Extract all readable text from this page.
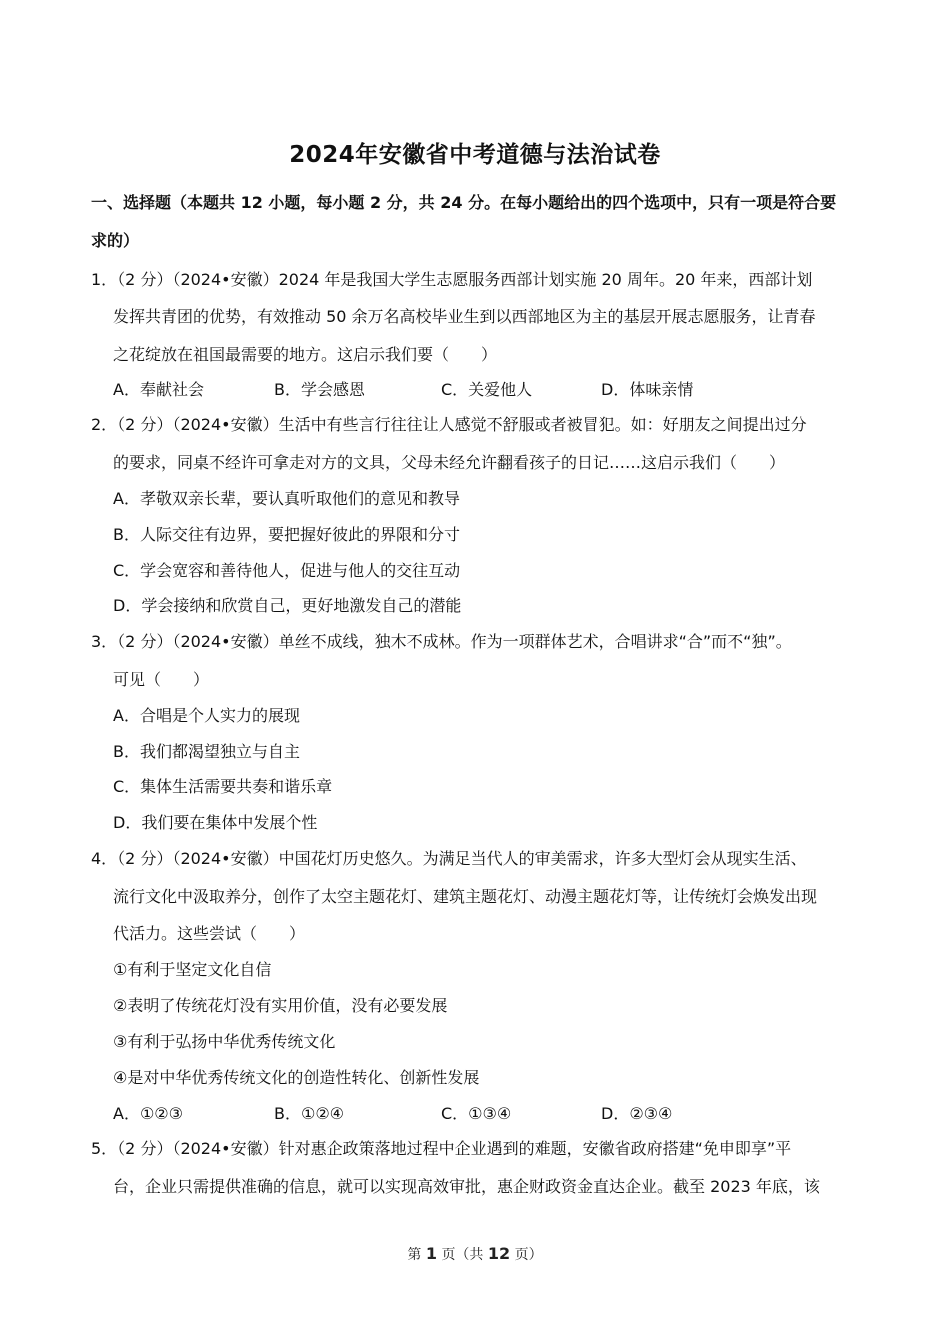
2024年安徽省中考道德与法治试卷
一、选择题（本题共 12 小题，每小题 2 分，共 24 分。在每小题给出的四个选项中，只有一项是符合要
求的）
1．（2 分）（2024•安徽）2024 年是我国大学生志愿服务西部计划实施 20 周年。20 年来，西部计划
发挥共青团的优势，有效推动 50 余万名高校毕业生到以西部地区为主的基层开展志愿服务，让青春
之花绽放在祖国最需要的地方。这启示我们要（　　）
A．奉献社会	B．学会感恩	C．关爱他人	D．体味亲情
2．（2 分）（2024•安徽）生活中有些言行往往让人感觉不舒服或者被冒犯。如：好朋友之间提出过分
的要求，同桌不经许可拿走对方的文具，父母未经允许翻看孩子的日记……这启示我们（　　）
A．孝敬双亲长辈，要认真听取他们的意见和教导
B．人际交往有边界，要把握好彼此的界限和分寸
C．学会宽容和善待他人，促进与他人的交往互动
D．学会接纳和欣赏自己，更好地激发自己的潜能
3．（2 分）（2024•安徽）单丝不成线，独木不成林。作为一项群体艺术，合唱讲求“合”而不“独”。
可见（　　）
A．合唱是个人实力的展现
B．我们都渴望独立与自主
C．集体生活需要共奏和谐乐章
D．我们要在集体中发展个性
4．（2 分）（2024•安徽）中国花灯历史悠久。为满足当代人的审美需求，许多大型灯会从现实生活、
流行文化中汲取养分，创作了太空主题花灯、建筑主题花灯、动漫主题花灯等，让传统灯会焕发出现
代活力。这些尝试（　　）
①有利于坚定文化自信
②表明了传统花灯没有实用价值，没有必要发展
③有利于弘扬中华优秀传统文化
④是对中华优秀传统文化的创造性转化、创新性发展
A．①②③	B．①②④	C．①③④	D．②③④
5．（2 分）（2024•安徽）针对惠企政策落地过程中企业遇到的难题，安徽省政府搭建“免申即享”平
台，企业只需提供准确的信息，就可以实现高效审批，惠企财政资金直达企业。截至 2023 年底，该
第 1 页（共 12 页）
